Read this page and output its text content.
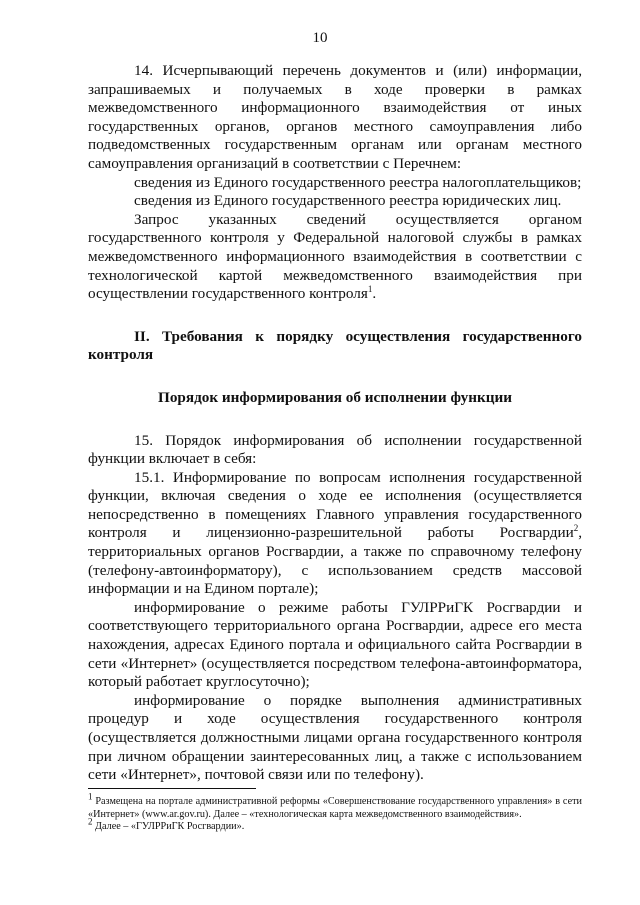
10

14. Исчерпывающий перечень документов и (или) информации, запрашиваемых и получаемых в ходе проверки в рамках межведомственного информационного взаимодействия от иных государственных органов, органов местного самоуправления либо подведомственных государственным органам или органам местного самоуправления организаций в соответствии с Перечнем:

сведения из Единого государственного реестра налогоплательщиков;

сведения из Единого государственного реестра юридических лиц.

Запрос указанных сведений осуществляется органом государственного контроля у Федеральной налоговой службы в рамках межведомственного информационного взаимодействия в соответствии с технологической картой межведомственного взаимодействия при осуществлении государственного контроля$^1$.

II. Требования к порядку осуществления государственного контроля

Порядок информирования об исполнении функции

15. Порядок информирования об исполнении государственной функции включает в себя:

15.1. Информирование по вопросам исполнения государственной функции, включая сведения о ходе ее исполнения (осуществляется непосредственно в помещениях Главного управления государственного контроля и лицензионно-разрешительной работы Росгвардии$^2$, территориальных органов Росгвардии, а также по справочному телефону (телефону-автоинформатору), с использованием средств массовой информации и на Едином портале);

информирование о режиме работы ГУЛРРиГК Росгвардии и соответствующего территориального органа Росгвардии, адресе его места нахождения, адресах Единого портала и официального сайта Росгвардии в сети «Интернет» (осуществляется посредством телефона-автоинформатора, который работает круглосуточно);

информирование о порядке выполнения административных процедур и ходе осуществления государственного контроля (осуществляется должностными лицами органа государственного контроля при личном обращении заинтересованных лиц, а также с использованием сети «Интернет», почтовой связи или по телефону).

$^1$ Размещена на портале административной реформы «Совершенствование государственного управления» в сети «Интернет» (www.ar.gov.ru). Далее – «технологическая карта межведомственного взаимодействия».

$^2$ Далее – «ГУЛРРиГК Росгвардии».
